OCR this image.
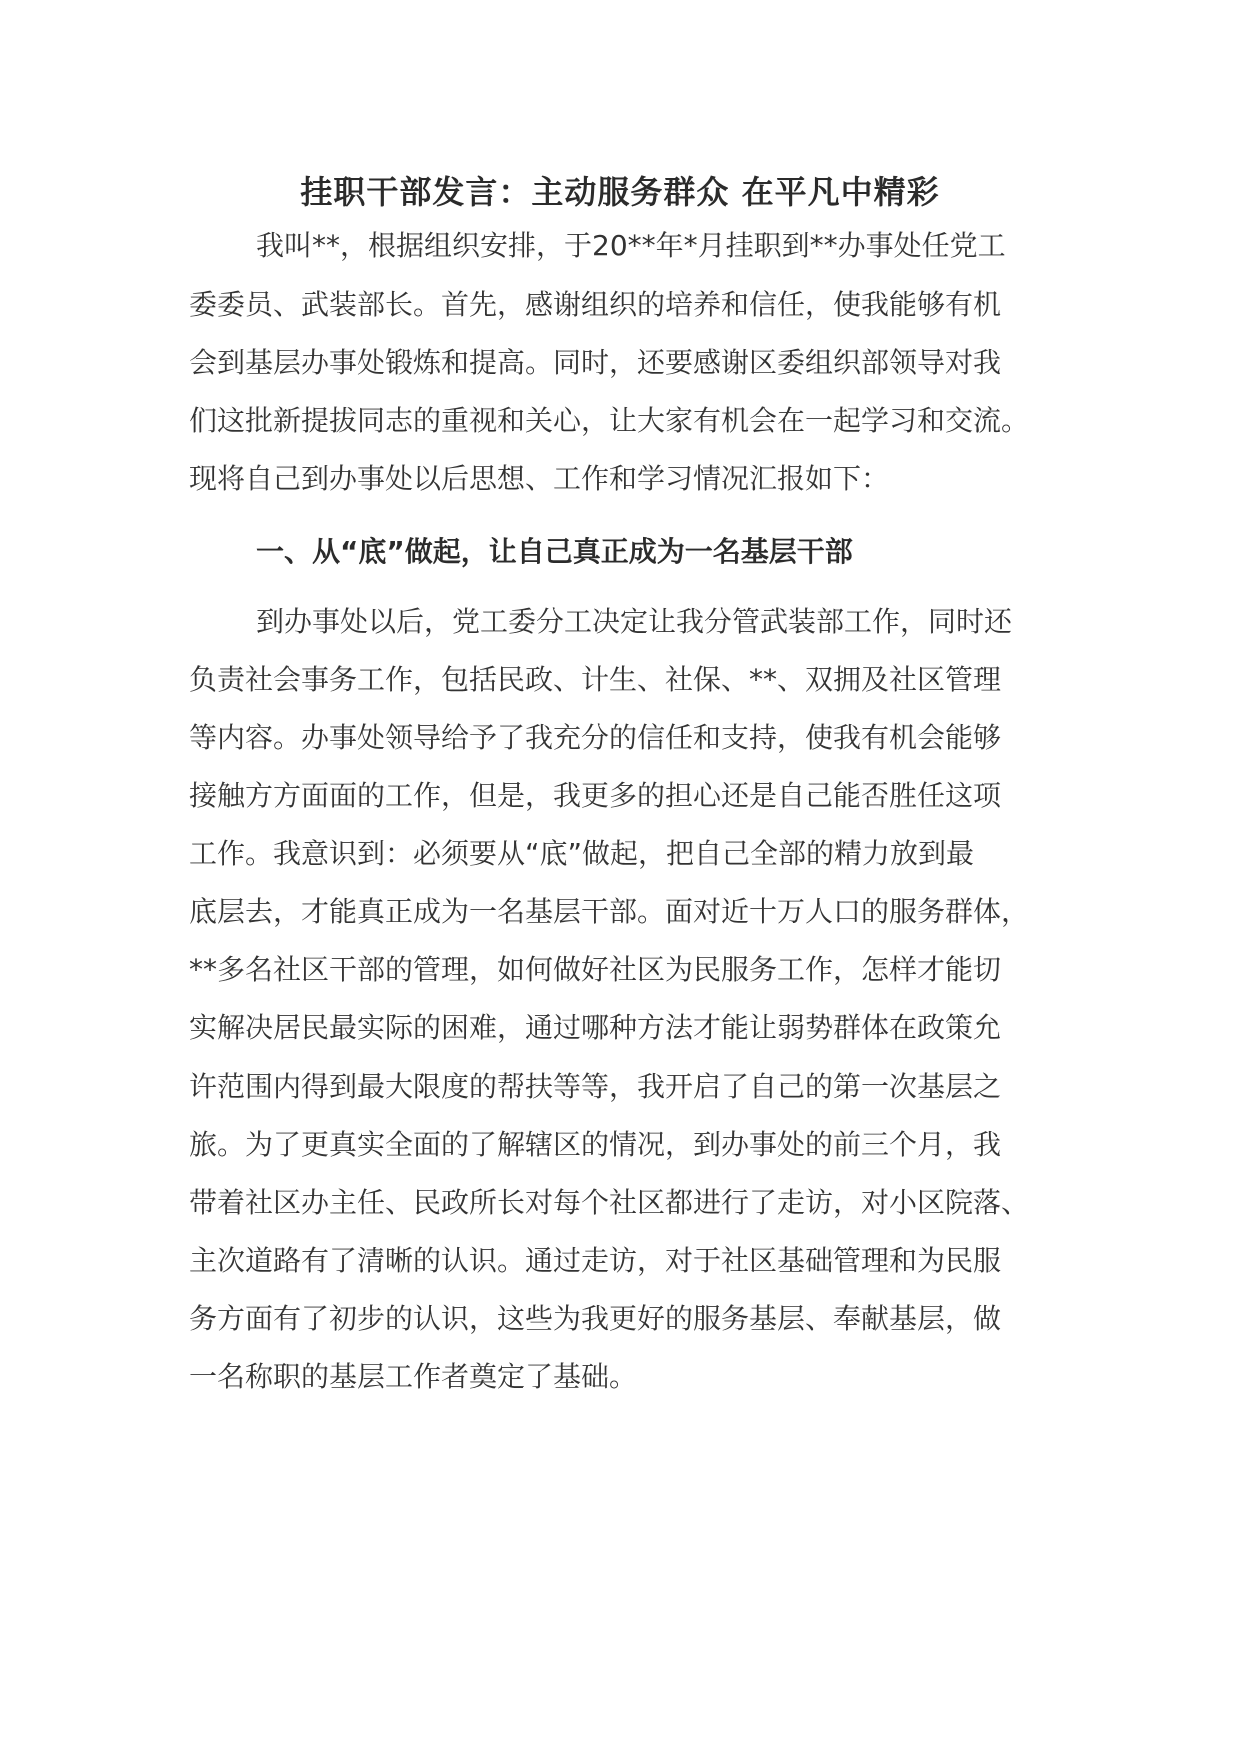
挂职干部发言：主动服务群众 在平凡中精彩
我叫**，根据组织安排，于20**年*月挂职到**办事处任党工
委委员、武装部长。首先，感谢组织的培养和信任，使我能够有机
会到基层办事处锻炼和提高。同时，还要感谢区委组织部领导对我
们这批新提拔同志的重视和关心，让大家有机会在一起学习和交流。
现将自己到办事处以后思想、工作和学习情况汇报如下：
一、从“底”做起，让自己真正成为一名基层干部
到办事处以后，党工委分工决定让我分管武装部工作，同时还
负责社会事务工作，包括民政、计生、社保、**、双拥及社区管理
等内容。办事处领导给予了我充分的信任和支持，使我有机会能够
接触方方面面的工作，但是，我更多的担心还是自己能否胜任这项
工作。我意识到：必须要从“底”做起，把自己全部的精力放到最
底层去，才能真正成为一名基层干部。面对近十万人口的服务群体，
**多名社区干部的管理，如何做好社区为民服务工作，怎样才能切
实解决居民最实际的困难，通过哪种方法才能让弱势群体在政策允
许范围内得到最大限度的帮扶等等，我开启了自己的第一次基层之
旅。为了更真实全面的了解辖区的情况，到办事处的前三个月，我
带着社区办主任、民政所长对每个社区都进行了走访，对小区院落、
主次道路有了清晰的认识。通过走访，对于社区基础管理和为民服
务方面有了初步的认识，这些为我更好的服务基层、奉献基层，做
一名称职的基层工作者奠定了基础。
